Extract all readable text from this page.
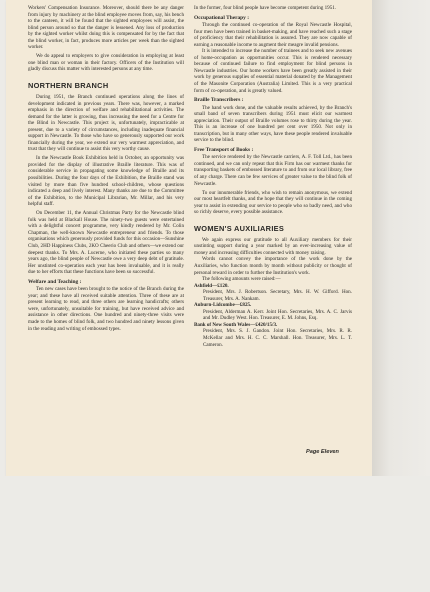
Workers' Compensation Insurance. Moreover, should there be any danger from injury by machinery at the blind employee moves from, say, his bench to the canteen, it will be found that the sighted employees will assist, the blind person around so that the danger is lessened. Any loss of production by the sighted worker whilst doing this is compensated for by the fact that the blind worker, in fact, produces more articles per week than the sighted worker.

We do appeal to employers to give consideration in employing at least one blind man or woman in their factory. Officers of the Institution will gladly discuss this matter with interested persons at any time.

NORTHERN BRANCH

During 1951, the Branch continued operations along the lines of development indicated in previous years. There was, however, a marked emphasis in the direction of welfare and rehabilitational activities. The demand for the latter is growing, thus increasing the need for a Centre for the Blind in Newcastle. This project is, unfortunately, impracticable at present, due to a variety of circumstances, including inadequate financial support in Newcastle. To those who have so generously supported our work financially during the year, we extend our very warmest appreciation, and trust that they will continue to assist this very worthy cause.

In the Newcastle Book Exhibition held in October, an opportunity was provided for the display of illustrative Braille literature. This was of considerable service in propagating some knowledge of Braille and its possibilities. During the four days of the Exhibition, the Braille stand was visited by more than five hundred school-children, whose questions indicated a deep and lively interest. Many thanks are due to the Committee of the Exhibition, to the Municipal Librarian, Mr. Millar, and his very helpful staff.

On December 11, the Annual Christmas Party for the Newcastle blind folk was held at Blackall House. The ninety-two guests were entertained with a delightful concert programme, very kindly rendered by Mr. Colin Chapman, the well-known Newcastle entrepreneur and friends. To those organisations which generously provided funds for this occasion—Sunshine Club, 2HD Happiness Clubs, 2KO Cheerio Club and others—we extend our deepest thanks. To Mrs. A. Lucerne, who initiated these parties so many years ago, the blind people of Newcastle owe a very deep debt of gratitude. Her unstinted co-operation each year has been invaluable, and it is really due to her efforts that these functions have been so successful.

Welfare and Teaching :

Ten new cases have been brought to the notice of the Branch during the year; and these have all received suitable attention. Three of these are at present learning to read, and three others are learning handicrafts; others were, unfortunately, unsuitable for training, but have received advice and assistance in other directions. One hundred and ninety-three visits were made to the homes of blind folk, and two hundred and ninety lessons given in the reading and writing of embossed types.

In the former, four blind people have become competent during 1951.

Occupational Therapy :

Through the continued co-operation of the Royal Newcastle Hospital, four men have been trained in basket-making, and have reached such a stage of proficiency that their rehabilitation is assured. They are now capable of earning a reasonable income to augment their meagre invalid pensions.

It is intended to increase the number of trainees and to seek new avenues of home-occupation as opportunities occur. This is rendered necessary because of continued failure to find employment for blind persons in Newcastle industries. Our home workers have been greatly assisted in their work by generous supplies of essential material donated by the Management of the Masonite Corporation (Australia) Limited. This is a very practical form of co-operation, and is greatly valued.

Braille Transcribers :

The hand work done, and the valuable results achieved, by the Branch's small band of seven transcribers during 1951 must elicit our warmest appreciation. Their output of Braille volumes rose to thirty during the year. This is an increase of one hundred per cent over 1950. Not only in transcription, but in many other ways, have these people rendered invaluable service to the blind.

Free Transport of Books :

The service rendered by the Newcastle carriers, A. F. Toll Ltd., has been continued, and we can only repeat that this Firm has our warmest thanks for transporting baskets of embossed literature to and from our local library, free of any charge. There can be few services of greater value to the blind folk of Newcastle.

To our innumerable friends, who wish to remain anonymous, we extend our most heartfelt thanks, and the hope that they will continue in the coming year to assist in extending our service to people who so badly need, and who so richly deserve, every possible assistance.

WOMEN'S AUXILIARIES

We again express our gratitude to all Auxiliary members for their unstinting support during a year marked by an ever-increasing value of money and increasing difficulties connected with money raising.

Words cannot convey the importance of the work done by the Auxiliaries, who function month by month without publicity or thought of personal reward in order to further the Institution's work.

The following amounts were raised:—

Ashfield—£120.

President, Mrs. J. Robertson. Secretary, Mrs. H. W. Gifford. Hon. Treasurer, Mrs. A. Nankam.

Auburn-Lidcombe—£825.

President, Alderman A. Kerr. Joint Hon. Secretaries, Mrs. A. C. Jarvis and Mr. Dudley West. Hon. Treasurer, E. M. Johns, Esq.

Bank of New South Wales—£420/15/3.

President, Mrs. S. J. Gandon. Joint Hon. Secretaries, Mrs. R. R. McKellar and Mrs. H. C. C. Marshall. Hon. Treasurer, Mrs. L. T. Cameron.

Page Eleven
